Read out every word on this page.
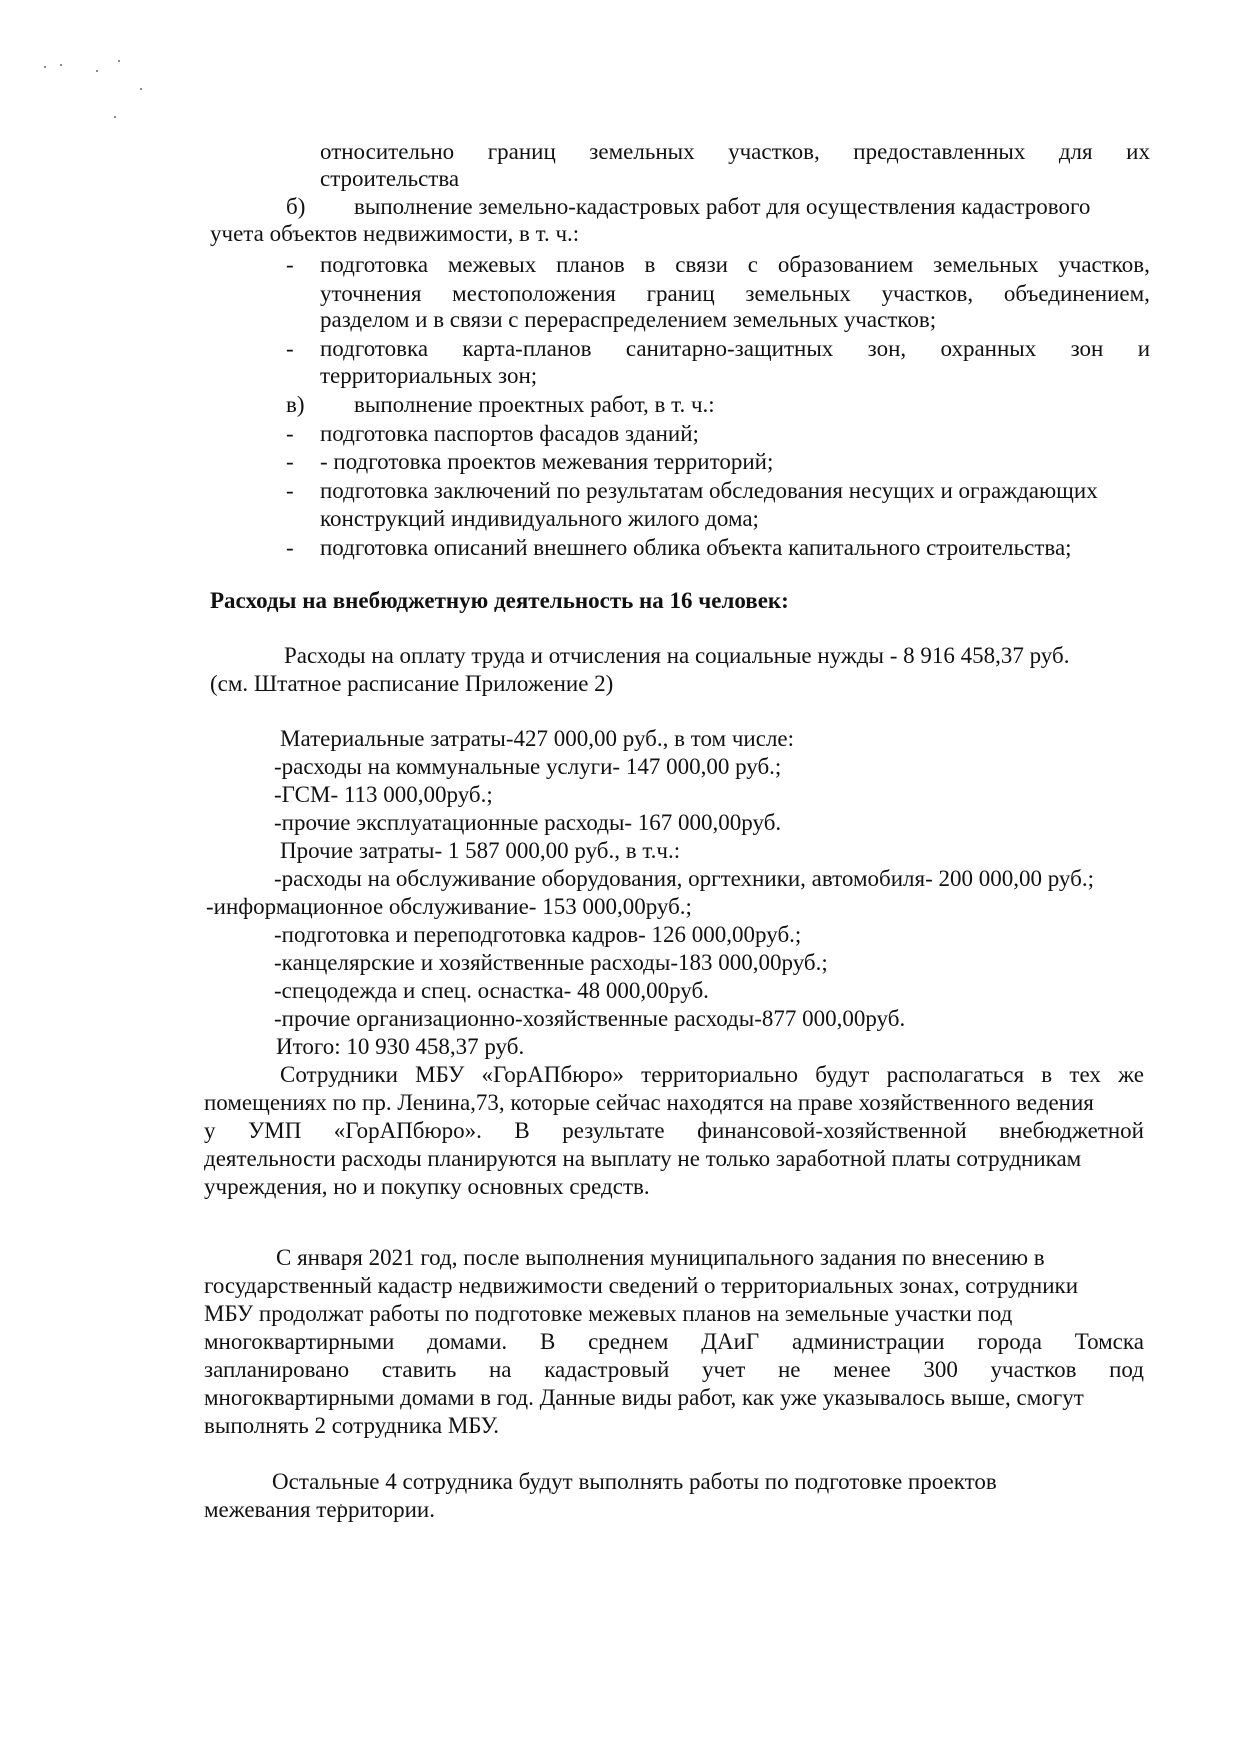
относительно границ земельных участков, предоставленных для их
строительства
б) выполнение земельно-кадастровых работ для осуществления кадастрового
учета объектов недвижимости, в т. ч.:
- подготовка межевых планов в связи с образованием земельных участков,
уточнения местоположения границ земельных участков, объединением,
разделом и в связи с перераспределением земельных участков;
- подготовка карта-планов санитарно-защитных зон, охранных зон и
территориальных зон;
в) выполнение проектных работ, в т. ч.:
- подготовка паспортов фасадов зданий;
- - подготовка проектов межевания территорий;
- подготовка заключений по результатам обследования несущих и ограждающих
конструкций индивидуального жилого дома;
- подготовка описаний внешнего облика объекта капитального строительства;
Расходы на внебюджетную деятельность на 16 человек:
Расходы на оплату труда и отчисления на социальные нужды - 8 916 458,37 руб.
(см. Штатное расписание Приложение 2)
Материальные затраты-427 000,00 руб., в том числе:
-расходы на коммунальные услуги- 147 000,00 руб.;
-ГСМ- 113 000,00руб.;
-прочие эксплуатационные расходы- 167 000,00руб.
Прочие затраты- 1 587 000,00 руб., в т.ч.:
-расходы на обслуживание оборудования, оргтехники, автомобиля- 200 000,00 руб.;
-информационное обслуживание- 153 000,00руб.;
-подготовка и переподготовка кадров- 126 000,00руб.;
-канцелярские и хозяйственные расходы-183 000,00руб.;
-спецодежда и спец. оснастка- 48 000,00руб.
-прочие организационно-хозяйственные расходы-877 000,00руб.
Итого: 10 930 458,37 руб.
Сотрудники МБУ «ГорАПбюро» территориально будут располагаться в тех же
помещениях по пр. Ленина,73, которые сейчас находятся на праве хозяйственного ведения
у УМП «ГорАПбюро». В результате финансовой-хозяйственной внебюджетной
деятельности расходы планируются на выплату не только заработной платы сотрудникам
учреждения, но и покупку основных средств.
С января 2021 год, после выполнения муниципального задания по внесению в
государственный кадастр недвижимости сведений о территориальных зонах, сотрудники
МБУ продолжат работы по подготовке межевых планов на земельные участки под
многоквартирными домами. В среднем ДАиГ администрации города Томска
запланировано ставить на кадастровый учет не менее 300 участков под
многоквартирными домами в год. Данные виды работ, как уже указывалось выше, смогут
выполнять 2 сотрудника МБУ.
Остальные 4 сотрудника будут выполнять работы по подготовке проектов
межевания территории.
